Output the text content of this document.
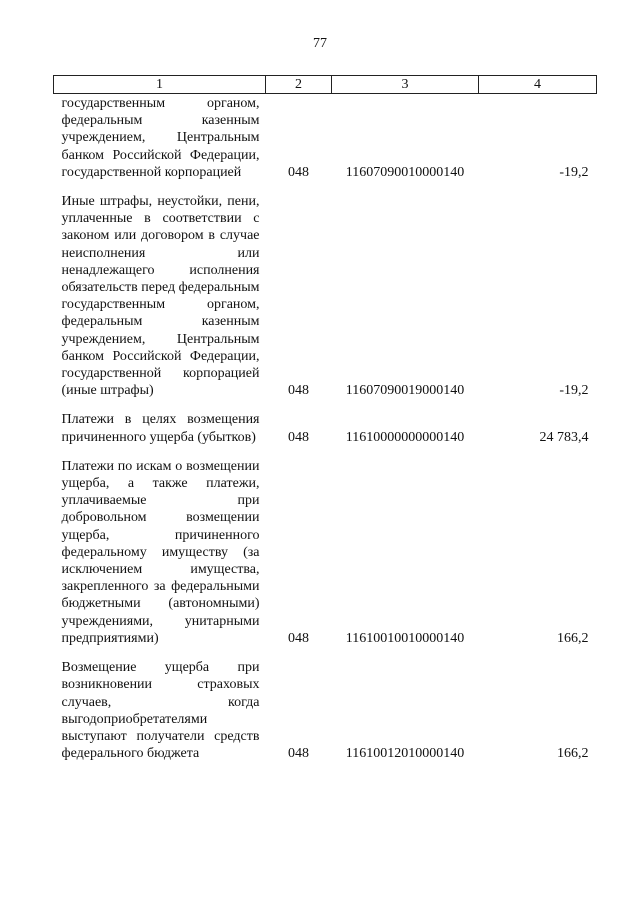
77
1	2	3	4
государственным органом, федеральным казенным учреждением, Центральным банком Российской Федерации, государственной корпорацией	048	11607090010000140	-19,2
Иные штрафы, неустойки, пени, уплаченные в соответствии с законом или договором в случае неисполнения или ненадлежащего исполнения обязательств перед федеральным государственным органом, федеральным казенным учреждением, Центральным банком Российской Федерации, государственной корпорацией (иные штрафы)	048	11607090019000140	-19,2
Платежи в целях возмещения причиненного ущерба (убытков)	048	11610000000000140	24 783,4
Платежи по искам о возмещении ущерба, а также платежи, уплачиваемые при добровольном возмещении ущерба, причиненного федеральному имуществу (за исключением имущества, закрепленного за федеральными бюджетными (автономными) учреждениями, унитарными предприятиями)	048	11610010010000140	166,2
Возмещение ущерба при возникновении страховых случаев, когда выгодоприобретателями выступают получатели средств федерального бюджета	048	11610012010000140	166,2
